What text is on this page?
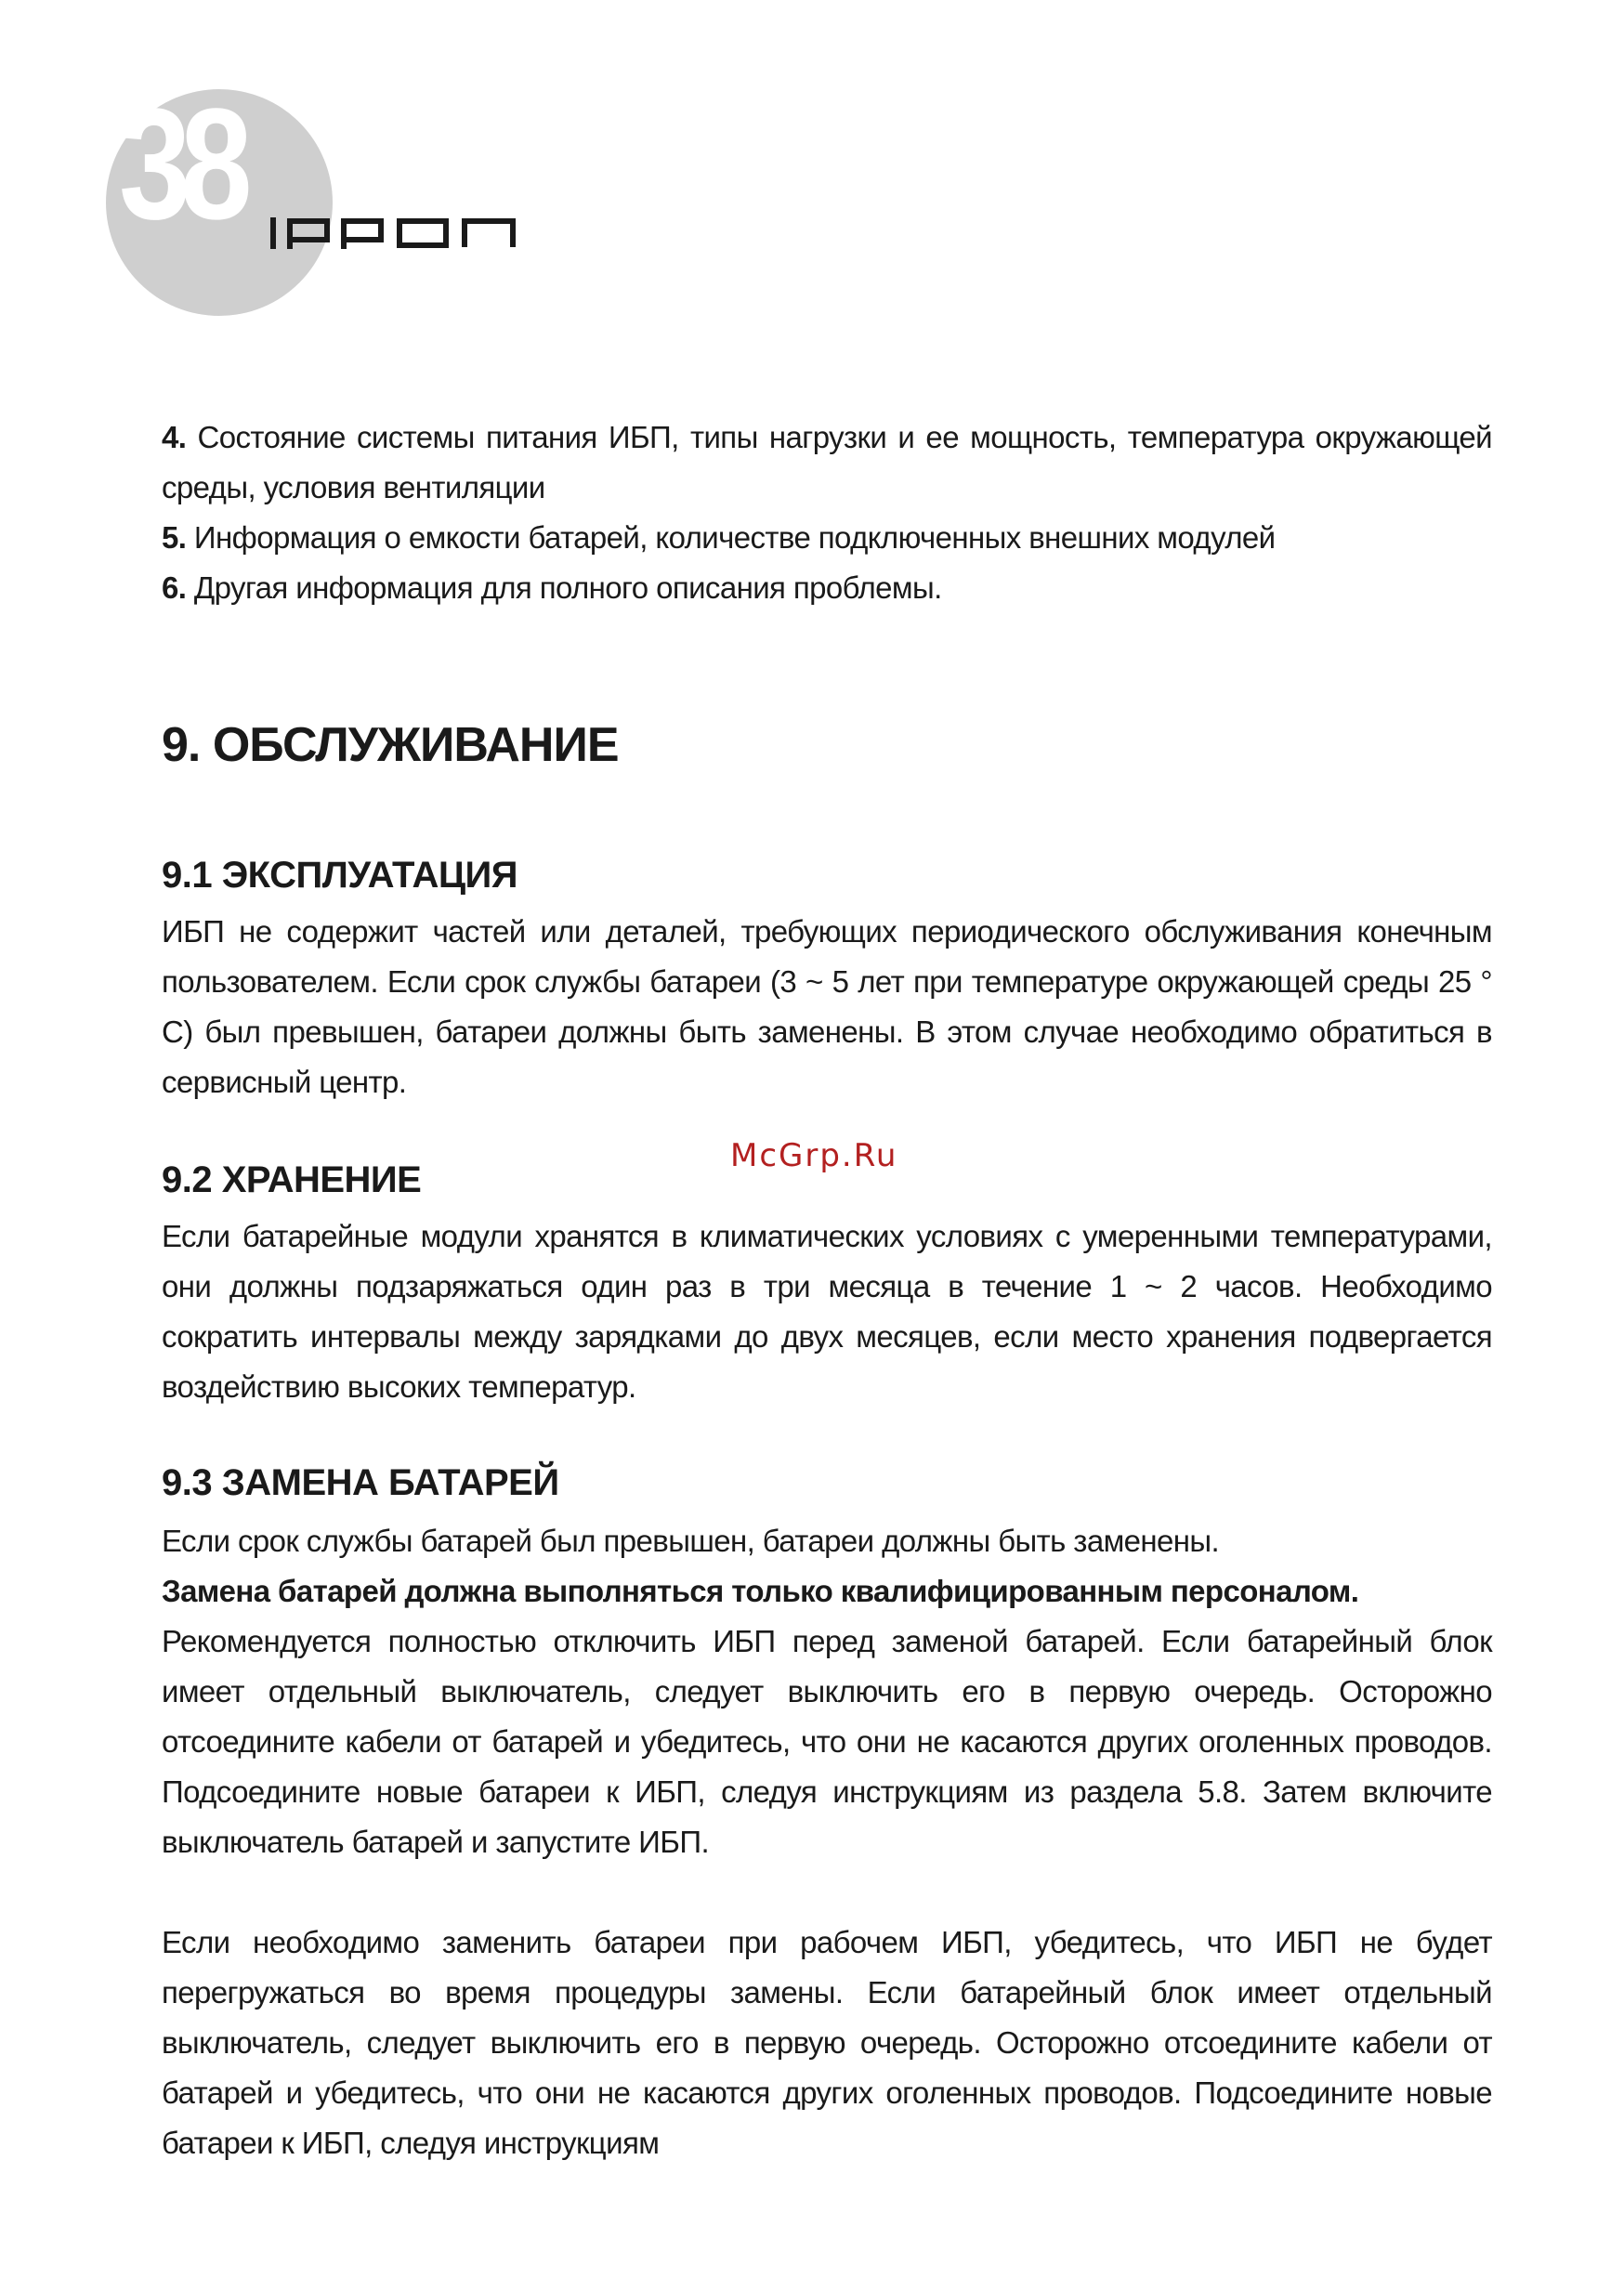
38

4. Состояние системы питания ИБП, типы нагрузки и ее мощность, температура окружающей среды, условия вентиляции

5. Информация о емкости батарей, количестве подключенных внешних модулей

6. Другая информация для полного описания проблемы.

9. ОБСЛУЖИВАНИЕ
9.1 ЭКСПЛУАТАЦИЯ

ИБП не содержит частей или деталей, требующих периодического обслуживания конечным пользователем. Если срок службы батареи (3 ~ 5 лет при температуре окружающей среды 25 ° С) был превышен, батареи должны быть заменены. В этом случае необходимо обратиться в сервисный центр.

McGrp.Ru
9.2 ХРАНЕНИЕ

Если батарейные модули хранятся в климатических условиях с умеренными температурами, они должны подзаряжаться один раз в три месяца в течение 1 ~ 2 часов. Необходимо сократить интервалы между зарядками до двух месяцев, если место хранения подвергается воздействию высоких температур.

9.3 ЗАМЕНА БАТАРЕЙ

Если срок службы батарей был превышен, батареи должны быть заменены.

Замена батарей должна выполняться только квалифицированным персоналом.

Рекомендуется полностью отключить ИБП перед заменой батарей. Если батарейный блок имеет отдельный выключатель, следует выключить его в первую очередь. Осторожно отсоедините кабели от батарей и убедитесь, что они не касаются других оголенных проводов. Подсоедините новые батареи к ИБП, следуя инструкциям из раздела 5.8. Затем включите выключатель батарей и запустите ИБП.

Если необходимо заменить батареи при рабочем ИБП, убедитесь, что ИБП не будет перегружаться во время процедуры замены. Если батарейный блок имеет отдельный выключатель, следует выключить его в первую очередь. Осторожно отсоедините кабели от батарей и убедитесь, что они не касаются других оголенных проводов. Подсоедините новые батареи к ИБП, следуя инструкциям
